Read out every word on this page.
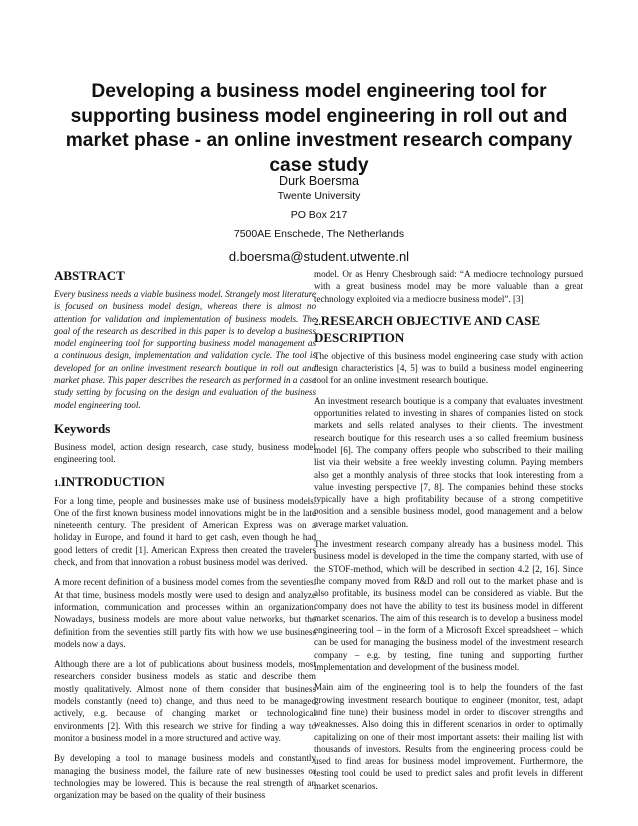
Developing a business model engineering tool for supporting business model engineering in roll out and market phase - an online investment research company case study
Durk Boersma
Twente University
PO Box 217
7500AE Enschede, The Netherlands
d.boersma@student.utwente.nl
ABSTRACT

Every business needs a viable business model. Strangely most literature is focused on business model design, whereas there is almost no attention for validation and implementation of business models. The goal of the research as described in this paper is to develop a business model engineering tool for supporting business model management as a continuous design, implementation and validation cycle. The tool is developed for an online investment research boutique in roll out and market phase. This paper describes the research as performed in a case study setting by focusing on the design and evaluation of the business model engineering tool.

Keywords

Business model, action design research, case study, business model engineering tool.

1.INTRODUCTION

For a long time, people and businesses make use of business models. One of the first known business model innovations might be in the late nineteenth century. The president of American Express was on a holiday in Europe, and found it hard to get cash, even though he had good letters of credit [1]. American Express then created the travelers check, and from that innovation a robust business model was derived.

A more recent definition of a business model comes from the seventies. At that time, business models mostly were used to design and analyze information, communication and processes within an organization. Nowadays, business models are more about value networks, but the definition from the seventies still partly fits with how we use business models now a days.

Although there are a lot of publications about business models, most researchers consider business models as static and describe them mostly qualitatively. Almost none of them consider that business models constantly (need to) change, and thus need to be managed actively, e.g. because of changing market or technological environments [2]. With this research we strive for finding a way to monitor a business model in a more structured and active way.

By developing a tool to manage business models and constantly managing the business model, the failure rate of new businesses or technologies may be lowered. This is because the real strength of an organization may be based on the quality of their business

model. Or as Henry Chesbrough said: “A mediocre technology pursued with a great business model may be more valuable than a great technology exploited via a mediocre business model”. [3]

2.RESEARCH OBJECTIVE AND CASE DESCRIPTION

The objective of this business model engineering case study with action design characteristics [4, 5] was to build a business model engineering tool for an online investment research boutique.

An investment research boutique is a company that evaluates investment opportunities related to investing in shares of companies listed on stock markets and sells related analyses to their clients. The investment research boutique for this research uses a so called freemium business model [6]. The company offers people who subscribed to their mailing list via their website a free weekly investing column. Paying members also get a monthly analysis of three stocks that look interesting from a value investing perspective [7, 8]. The companies behind these stocks typically have a high profitability because of a strong competitive position and a sensible business model, good management and a below average market valuation.

The investment research company already has a business model. This business model is developed in the time the company started, with use of the STOF-method, which will be described in section 4.2 [2, 16]. Since the company moved from R&D and roll out to the market phase and is also profitable, its business model can be considered as viable. But the company does not have the ability to test its business model in different market scenarios. The aim of this research is to develop a business model engineering tool – in the form of a Microsoft Excel spreadsheet – which can be used for managing the business model of the investment research company – e.g. by testing, fine tuning and supporting further implementation and development of the business model.

Main aim of the engineering tool is to help the founders of the fast growing investment research boutique to engineer (monitor, test, adapt and fine tune) their business model in order to discover strengths and weaknesses. Also doing this in different scenarios in order to optimally capitalizing on one of their most important assets: their mailing list with thousands of investors. Results from the engineering process could be used to find areas for business model improvement. Furthermore, the testing tool could be used to predict sales and profit levels in different market scenarios.
